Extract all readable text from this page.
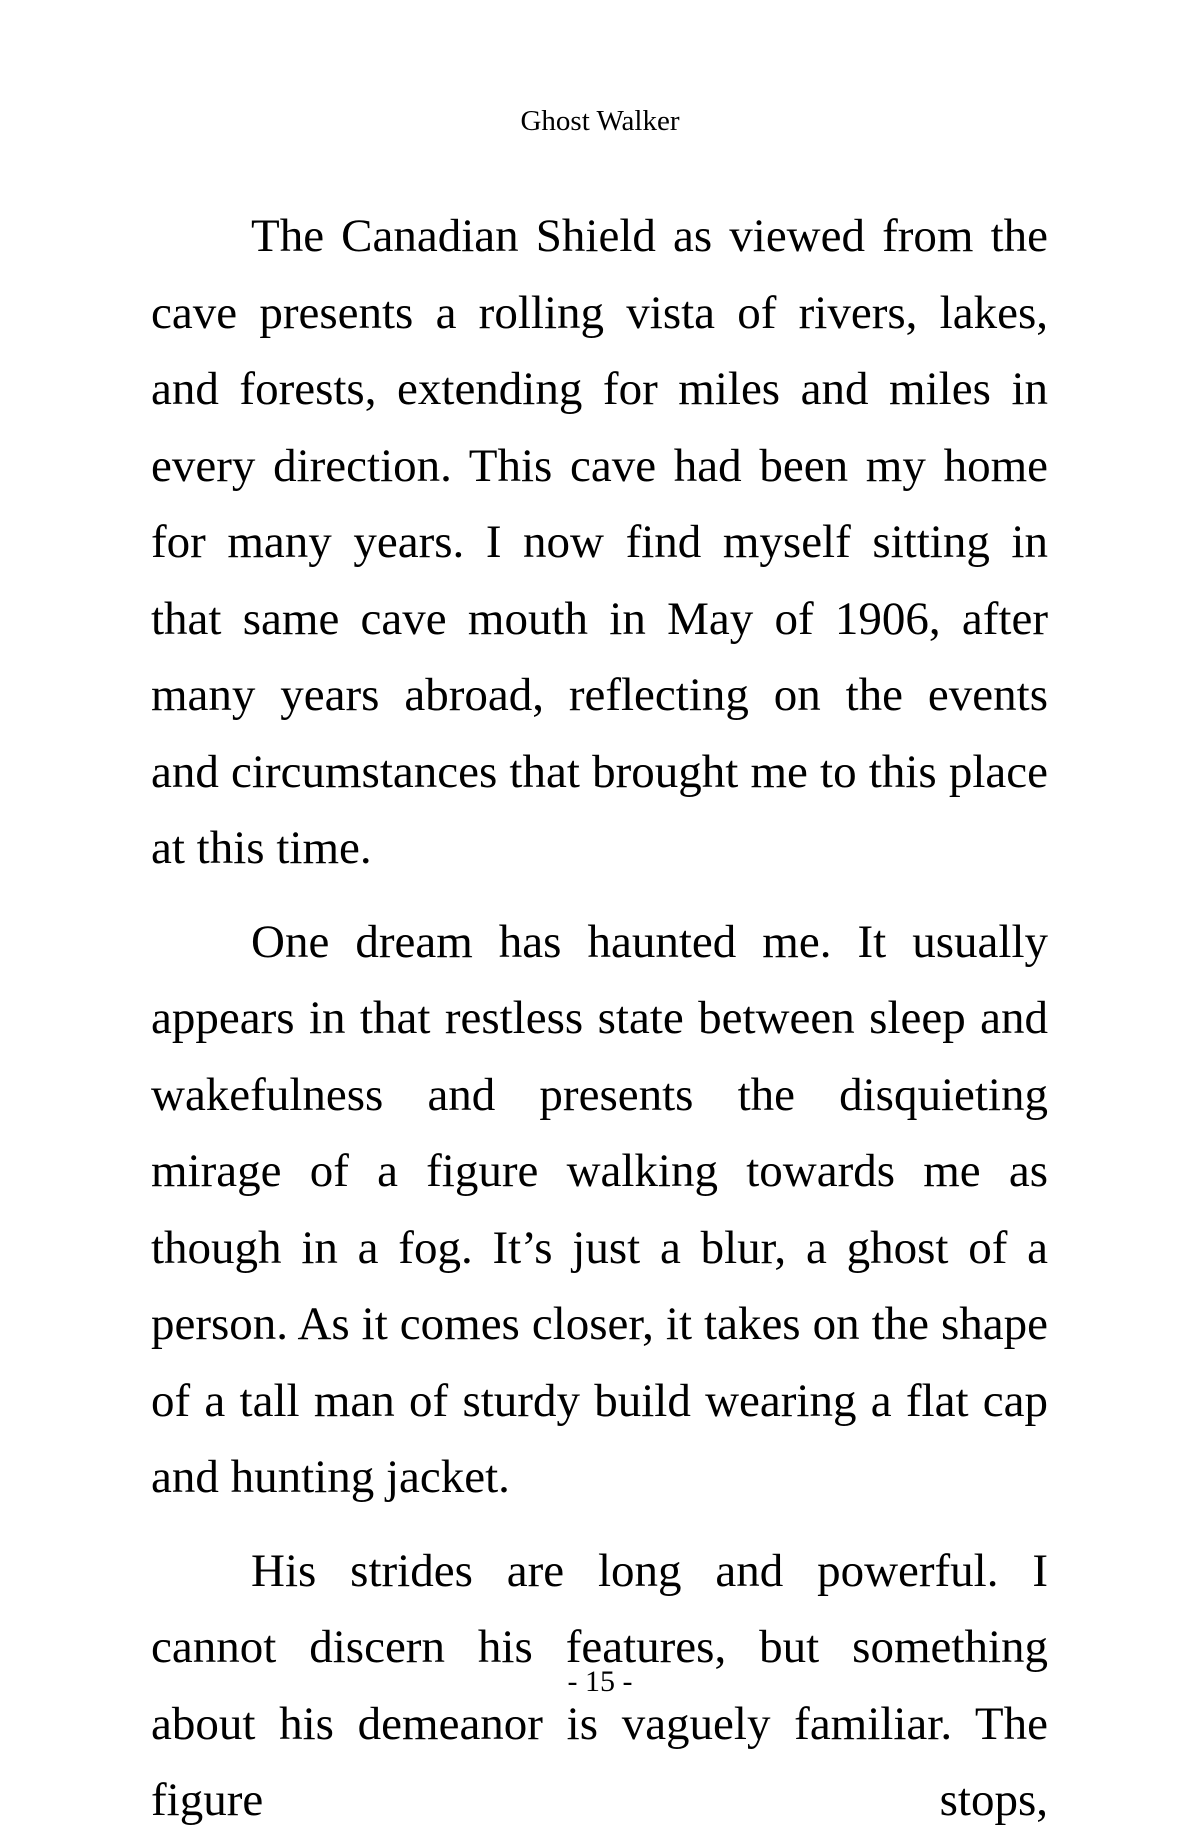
Ghost Walker

The Canadian Shield as viewed from the cave presents a rolling vista of rivers, lakes, and forests, extending for miles and miles in every direction. This cave had been my home for many years. I now find myself sitting in that same cave mouth in May of 1906, after many years abroad, reflecting on the events and circumstances that brought me to this place at this time.

One dream has haunted me. It usually appears in that restless state between sleep and wakefulness and presents the disquieting mirage of a figure walking towards me as though in a fog. It’s just a blur, a ghost of a person. As it comes closer, it takes on the shape of a tall man of sturdy build wearing a flat cap and hunting jacket.

His strides are long and powerful. I cannot discern his features, but something about his demeanor is vaguely familiar. The figure stops,

- 15 -
